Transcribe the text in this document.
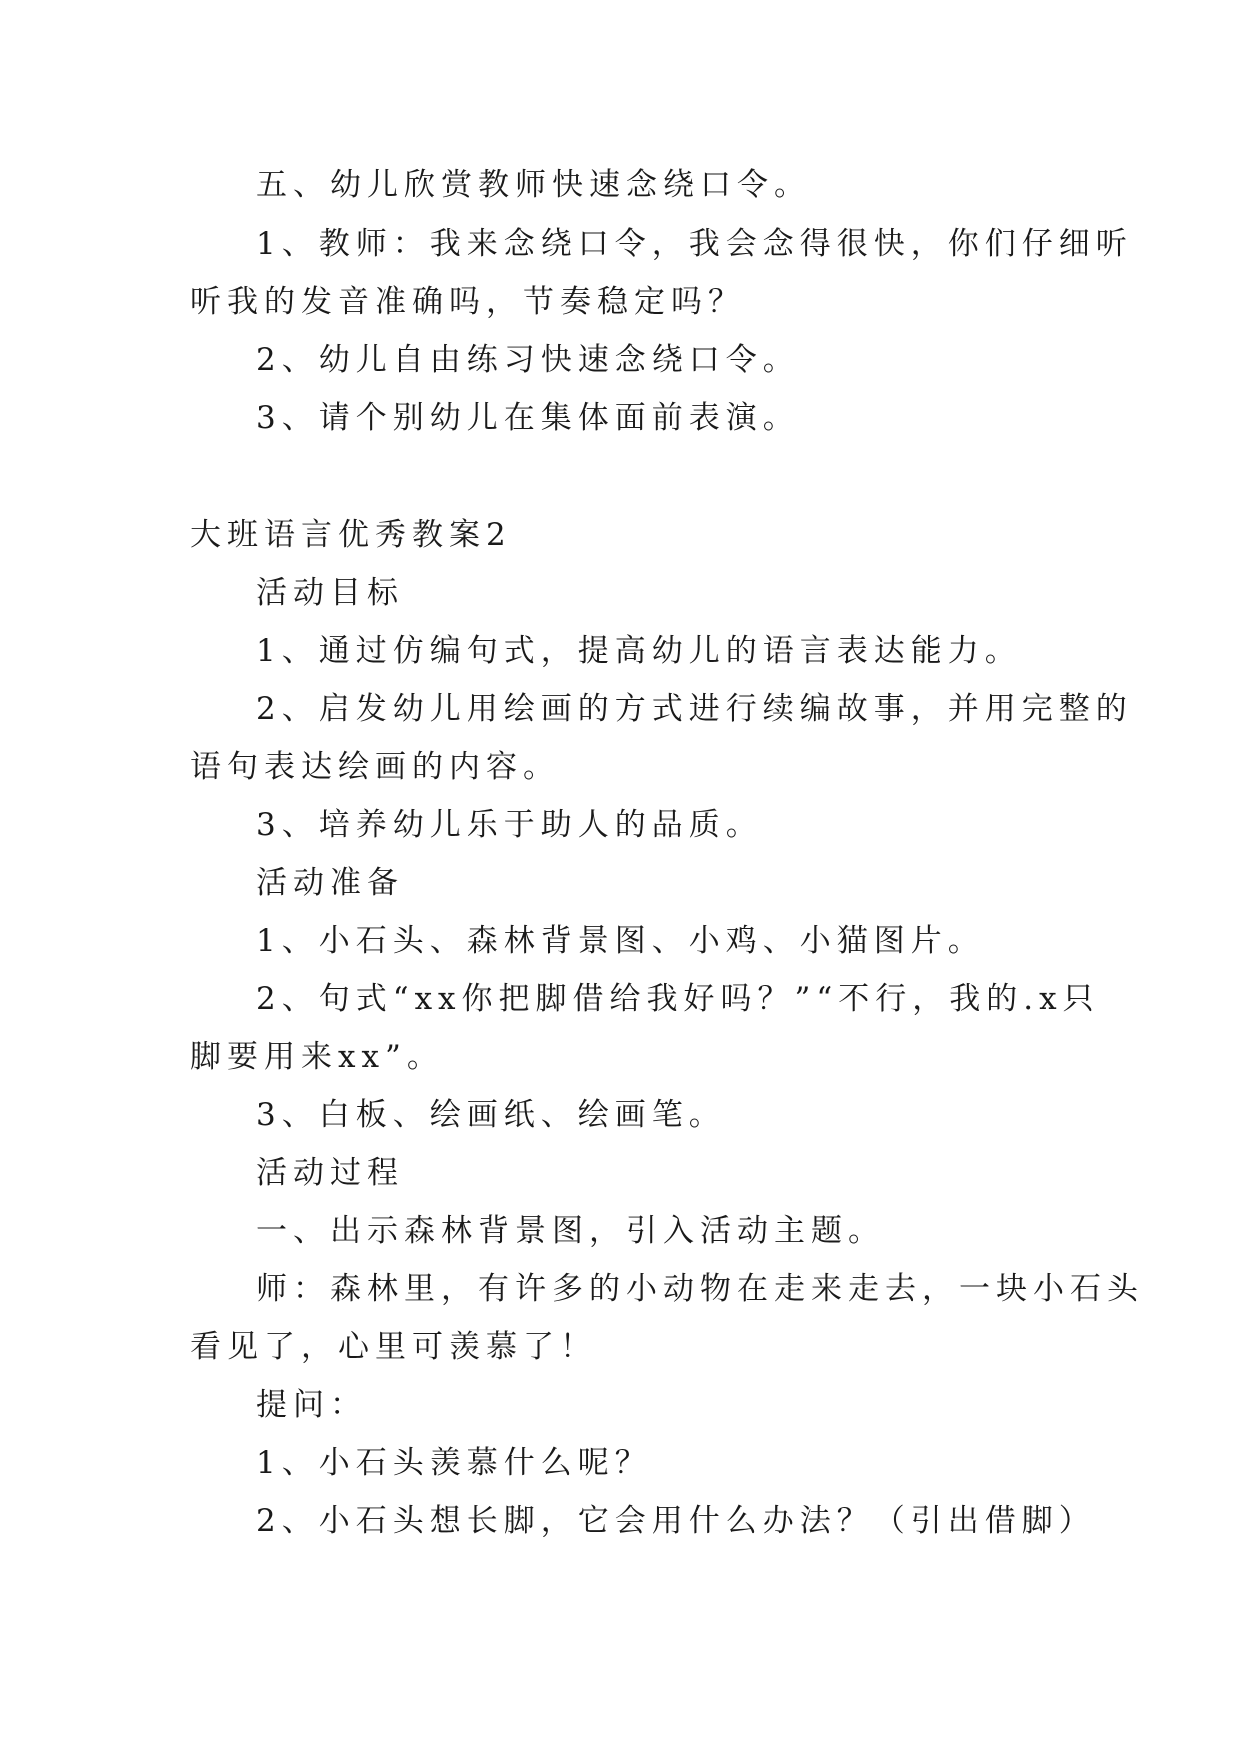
五、幼儿欣赏教师快速念绕口令。
1、教师：我来念绕口令，我会念得很快，你们仔细听
听我的发音准确吗，节奏稳定吗？
2、幼儿自由练习快速念绕口令。
3、请个别幼儿在集体面前表演。
大班语言优秀教案2
活动目标
1、通过仿编句式，提高幼儿的语言表达能力。
2、启发幼儿用绘画的方式进行续编故事，并用完整的
语句表达绘画的内容。
3、培养幼儿乐于助人的品质。
活动准备
1、小石头、森林背景图、小鸡、小猫图片。
2、句式“xx你把脚借给我好吗？”“不行，我的.x只
脚要用来xx”。
3、白板、绘画纸、绘画笔。
活动过程
一、出示森林背景图，引入活动主题。
师：森林里，有许多的小动物在走来走去，一块小石头
看见了，心里可羡慕了！
提问：
1、小石头羡慕什么呢？
2、小石头想长脚，它会用什么办法？（引出借脚）
